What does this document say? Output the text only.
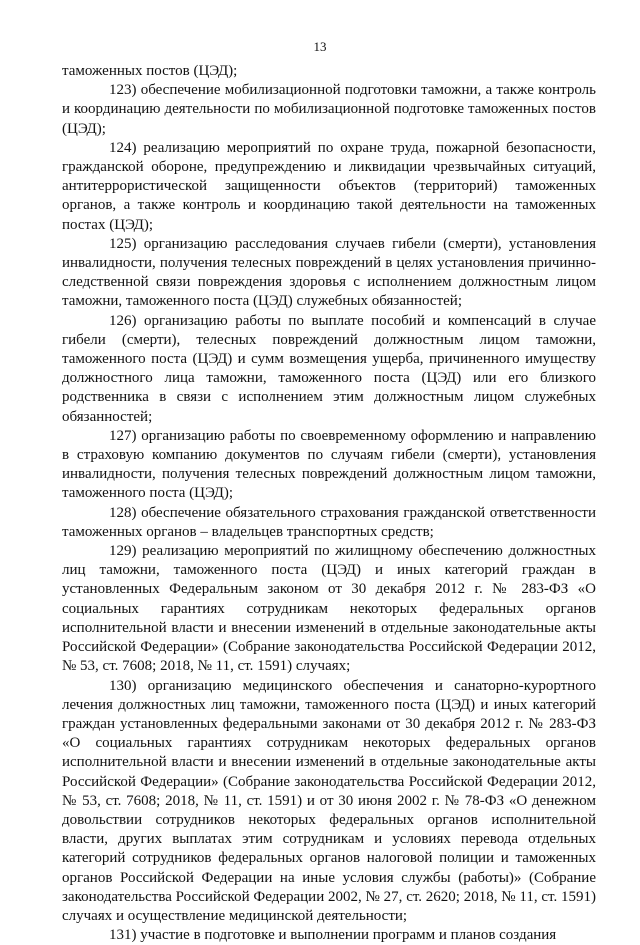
13

таможенных постов (ЦЭД);

123) обеспечение мобилизационной подготовки таможни, а также контроль и координацию деятельности по мобилизационной подготовке таможенных постов (ЦЭД);

124) реализацию мероприятий по охране труда, пожарной безопасности, гражданской обороне, предупреждению и ликвидации чрезвычайных ситуаций, антитеррористической защищенности объектов (территорий) таможенных органов, а также контроль и координацию такой деятельности на таможенных постах (ЦЭД);

125) организацию расследования случаев гибели (смерти), установления инвалидности, получения телесных повреждений в целях установления причинно-следственной связи повреждения здоровья с исполнением должностным лицом таможни, таможенного поста (ЦЭД) служебных обязанностей;

126) организацию работы по выплате пособий и компенсаций в случае гибели (смерти), телесных повреждений должностным лицом таможни, таможенного поста (ЦЭД) и сумм возмещения ущерба, причиненного имуществу должностного лица таможни, таможенного поста (ЦЭД) или его близкого родственника в связи с исполнением этим должностным лицом служебных обязанностей;

127) организацию работы по своевременному оформлению и направлению в страховую компанию документов по случаям гибели (смерти), установления инвалидности, получения телесных повреждений должностным лицом таможни, таможенного поста (ЦЭД);

128) обеспечение обязательного страхования гражданской ответственности таможенных органов – владельцев транспортных средств;

129) реализацию мероприятий по жилищному обеспечению должностных лиц таможни, таможенного поста (ЦЭД) и иных категорий граждан в установленных Федеральным законом от 30 декабря 2012 г. № 283-ФЗ «О социальных гарантиях сотрудникам некоторых федеральных органов исполнительной власти и внесении изменений в отдельные законодательные акты Российской Федерации» (Собрание законодательства Российской Федерации 2012, № 53, ст. 7608; 2018, № 11, ст. 1591) случаях;

130) организацию медицинского обеспечения и санаторно-курортного лечения должностных лиц таможни, таможенного поста (ЦЭД) и иных категорий граждан установленных федеральными законами от 30 декабря 2012 г. № 283-ФЗ «О социальных гарантиях сотрудникам некоторых федеральных органов исполнительной власти и внесении изменений в отдельные законодательные акты Российской Федерации» (Собрание законодательства Российской Федерации 2012, № 53, ст. 7608; 2018, № 11, ст. 1591) и от 30 июня 2002 г. № 78-ФЗ «О денежном довольствии сотрудников некоторых федеральных органов исполнительной власти, других выплатах этим сотрудникам и условиях перевода отдельных категорий сотрудников федеральных органов налоговой полиции и таможенных органов Российской Федерации на иные условия службы (работы)» (Собрание законодательства Российской Федерации 2002, № 27, ст. 2620; 2018, № 11, ст. 1591) случаях и осуществление медицинской деятельности;

131) участие в подготовке и выполнении программ и планов создания
